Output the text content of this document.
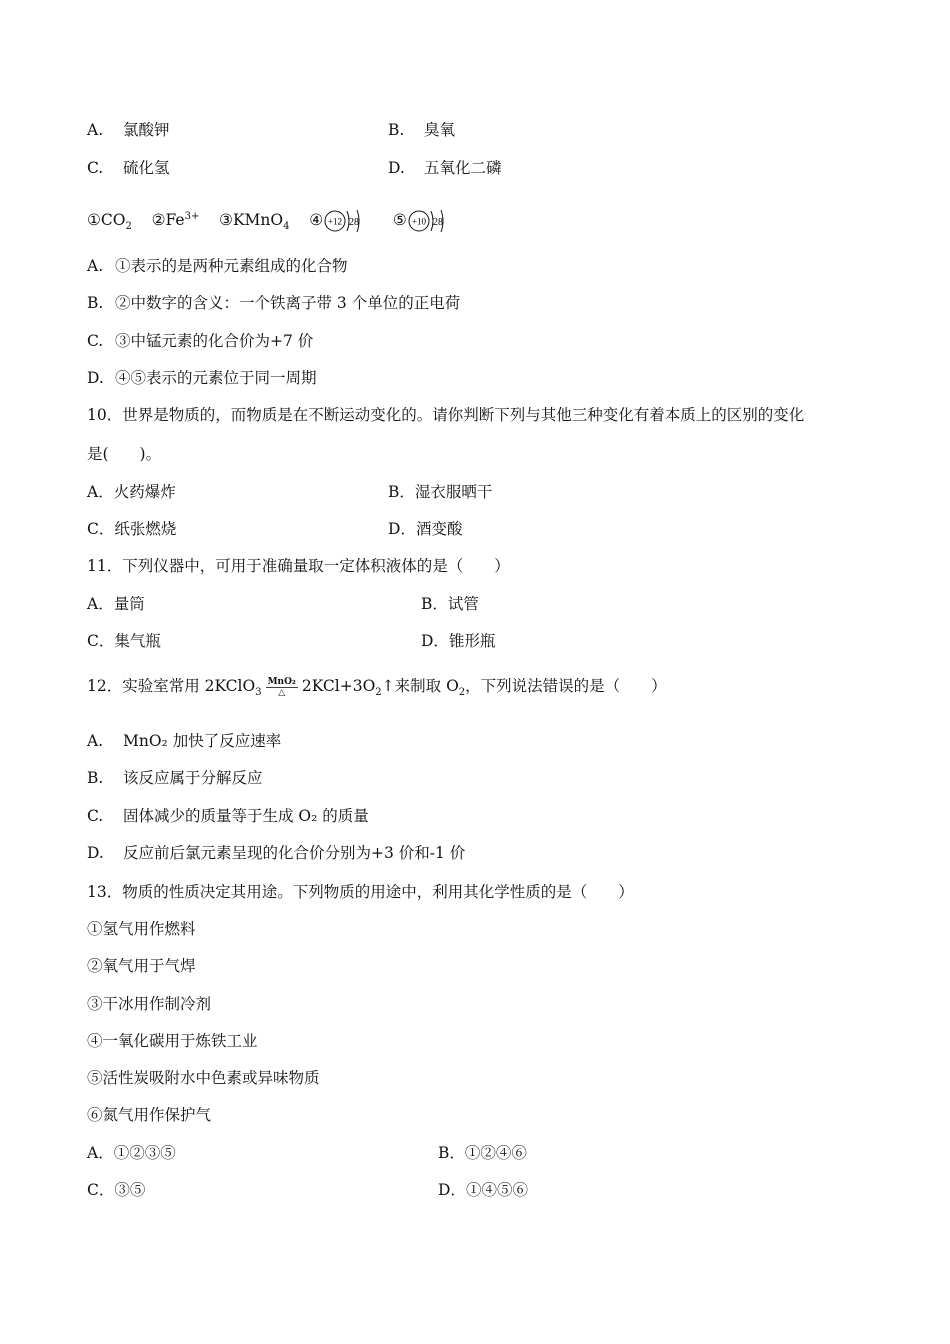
A. 氯酸钾	B. 臭氧
C. 硫化氢	D. 五氧化二磷
$①CO_2$ $②Fe^{3+}$ ③KMnO$_4$ ④ +12 28 ⑤ +10 28
A. ①表示的是两种元素组成的化合物
B. ②中数字的含义：一个铁离子带 3 个单位的正电荷
C. ③中锰元素的化合价为+7 价
D. ④⑤表示的元素位于同一周期
10．世界是物质的，而物质是在不断运动变化的。请你判断下列与其他三种变化有着本质上的区别的变化
是(　　)。
A．火药爆炸	B．湿衣服晒干
C．纸张燃烧	D．酒变酸
11．下列仪器中，可用于准确量取一定体积液体的是（　　）
A．量筒	B．试管
C．集气瓶	D．锥形瓶
12．实验室常用 2KClO$_3$ $\frac{\text{MnO₂}}{\triangle}$ $2KCl+3O_2↑$来制取 $O_2$，下列说法错误的是（　　）
A. MnO₂ 加快了反应速率
B. 该反应属于分解反应
C. 固体减少的质量等于生成 O₂ 的质量
D. 反应前后氯元素呈现的化合价分别为+3 价和-1 价
13．物质的性质决定其用途。下列物质的用途中，利用其化学性质的是（　　）
①氢气用作燃料
②氧气用于气焊
③干冰用作制冷剂
④一氧化碳用于炼铁工业
⑤活性炭吸附水中色素或异味物质
⑥氮气用作保护气
A．①②③⑤	B．①②④⑥
C．③⑤	D．①④⑤⑥
